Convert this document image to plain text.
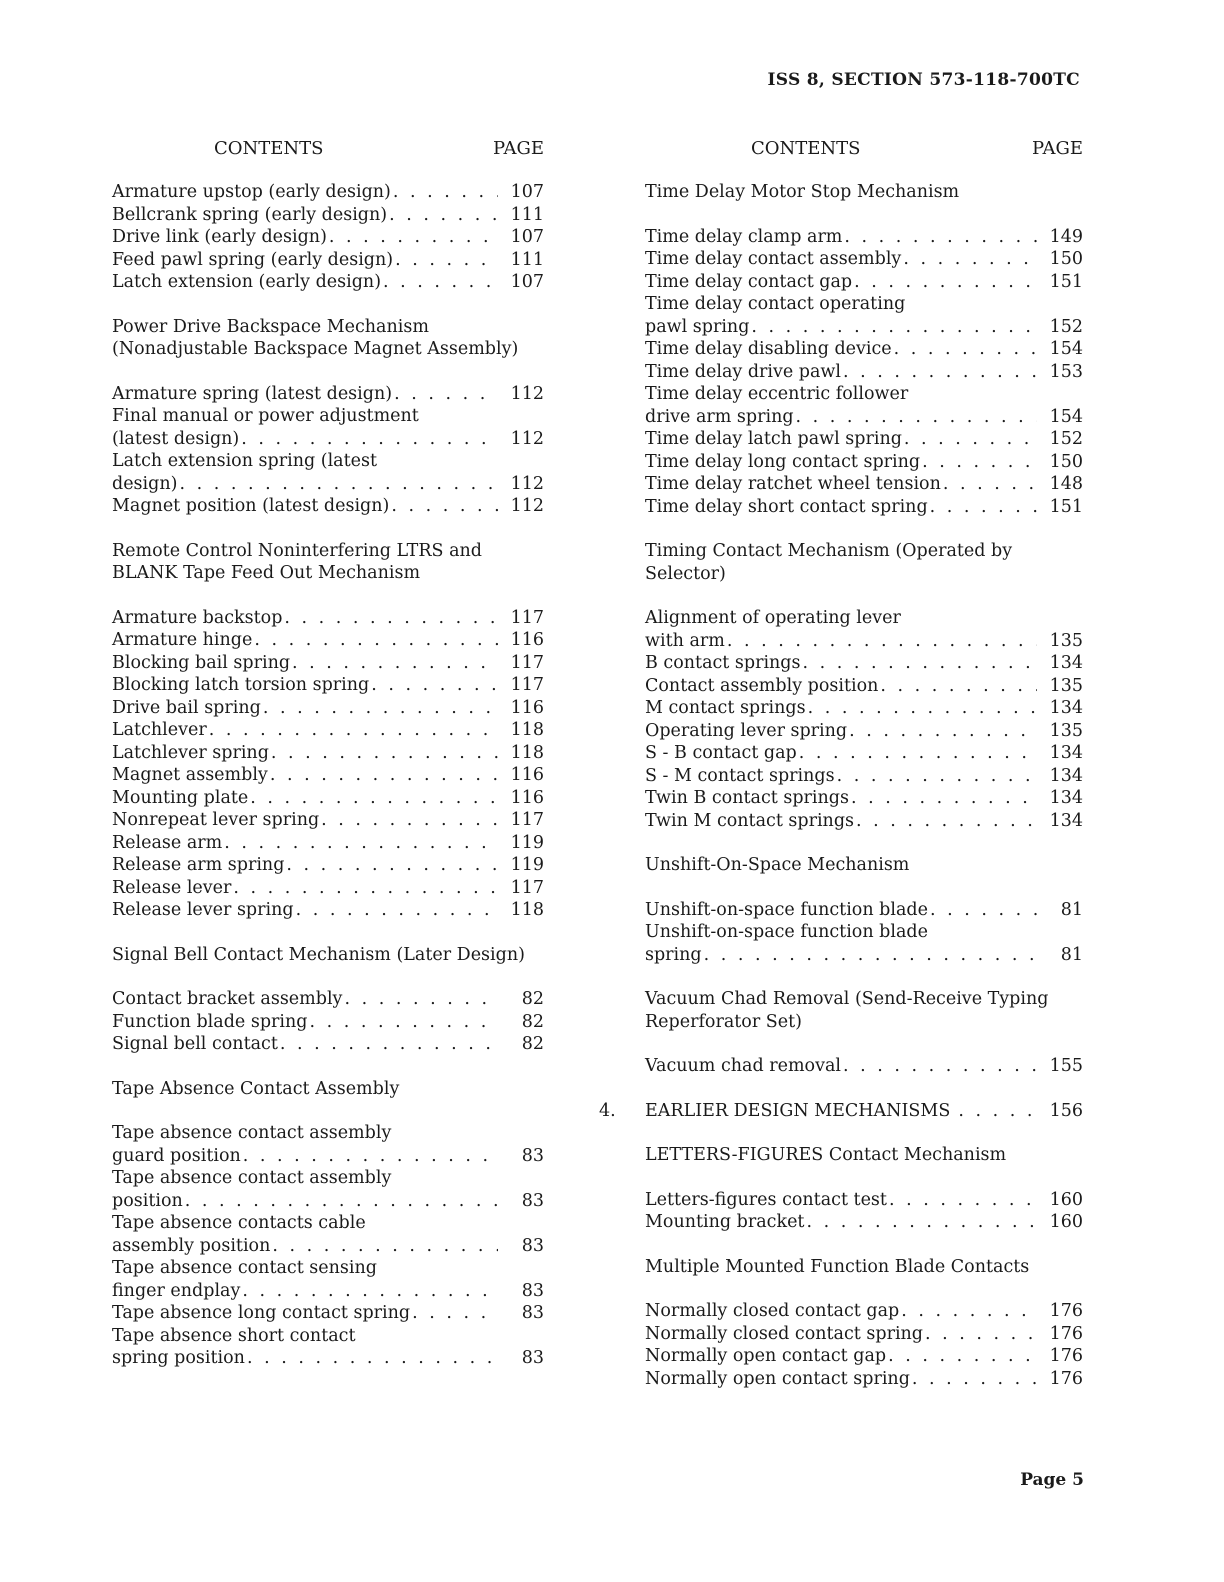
ISS 8, SECTION 573-118-700TC
CONTENTS	PAGE
Armature upstop (early design) . . .	107
Bellcrank spring (early design) . . .	111
Drive link (early design) . . .	107
Feed pawl spring (early design) . . .	111
Latch extension (early design) . . .	107
Power Drive Backspace Mechanism (Nonadjustable Backspace Magnet Assembly)
Armature spring (latest design) . . .	112
Final manual or power adjustment
(latest design) . . .	112
Latch extension spring (latest
design) . . .	112
Magnet position (latest design) . . .	112
Remote Control Noninterfering LTRS and BLANK Tape Feed Out Mechanism
Armature backstop . . .	117
Armature hinge . . .	116
Blocking bail spring . . .	117
Blocking latch torsion spring . . .	117
Drive bail spring . . .	116
Latchlever . . .	118
Latchlever spring . . .	118
Magnet assembly . . .	116
Mounting plate . . .	116
Nonrepeat lever spring . . .	117
Release arm . . .	119
Release arm spring . . .	119
Release lever . . .	117
Release lever spring . . .	118
Signal Bell Contact Mechanism (Later Design)
Contact bracket assembly . . .	82
Function blade spring . . .	82
Signal bell contact . . .	82
Tape Absence Contact Assembly
Tape absence contact assembly
guard position . . .	83
Tape absence contact assembly
position . . .	83
Tape absence contacts cable
assembly position . . .	83
Tape absence contact sensing
finger endplay . . .	83
Tape absence long contact spring . . .	83
Tape absence short contact
spring position . . .	83
CONTENTS	PAGE
Time Delay Motor Stop Mechanism
Time delay clamp arm . . .	149
Time delay contact assembly . . .	150
Time delay contact gap . . .	151
Time delay contact operating
pawl spring . . .	152
Time delay disabling device . . .	154
Time delay drive pawl . . .	153
Time delay eccentric follower
drive arm spring . . .	154
Time delay latch pawl spring . . .	152
Time delay long contact spring . . .	150
Time delay ratchet wheel tension . . .	148
Time delay short contact spring . . .	151
Timing Contact Mechanism (Operated by Selector)
Alignment of operating lever
with arm . . .	135
B contact springs . . .	134
Contact assembly position . . .	135
M contact springs . . .	134
Operating lever spring . . .	135
S - B contact gap . . .	134
S - M contact springs . . .	134
Twin B contact springs . . .	134
Twin M contact springs . . .	134
Unshift-On-Space Mechanism
Unshift-on-space function blade . . .	81
Unshift-on-space function blade
spring . . .	81
Vacuum Chad Removal (Send-Receive Typing Reperforator Set)
Vacuum chad removal . . .	155
4.	EARLIER DESIGN MECHANISMS . . .	156
LETTERS-FIGURES Contact Mechanism
Letters-figures contact test . . .	160
Mounting bracket . . .	160
Multiple Mounted Function Blade Contacts
Normally closed contact gap . . .	176
Normally closed contact spring . . .	176
Normally open contact gap . . .	176
Normally open contact spring . . .	176
Page 5
